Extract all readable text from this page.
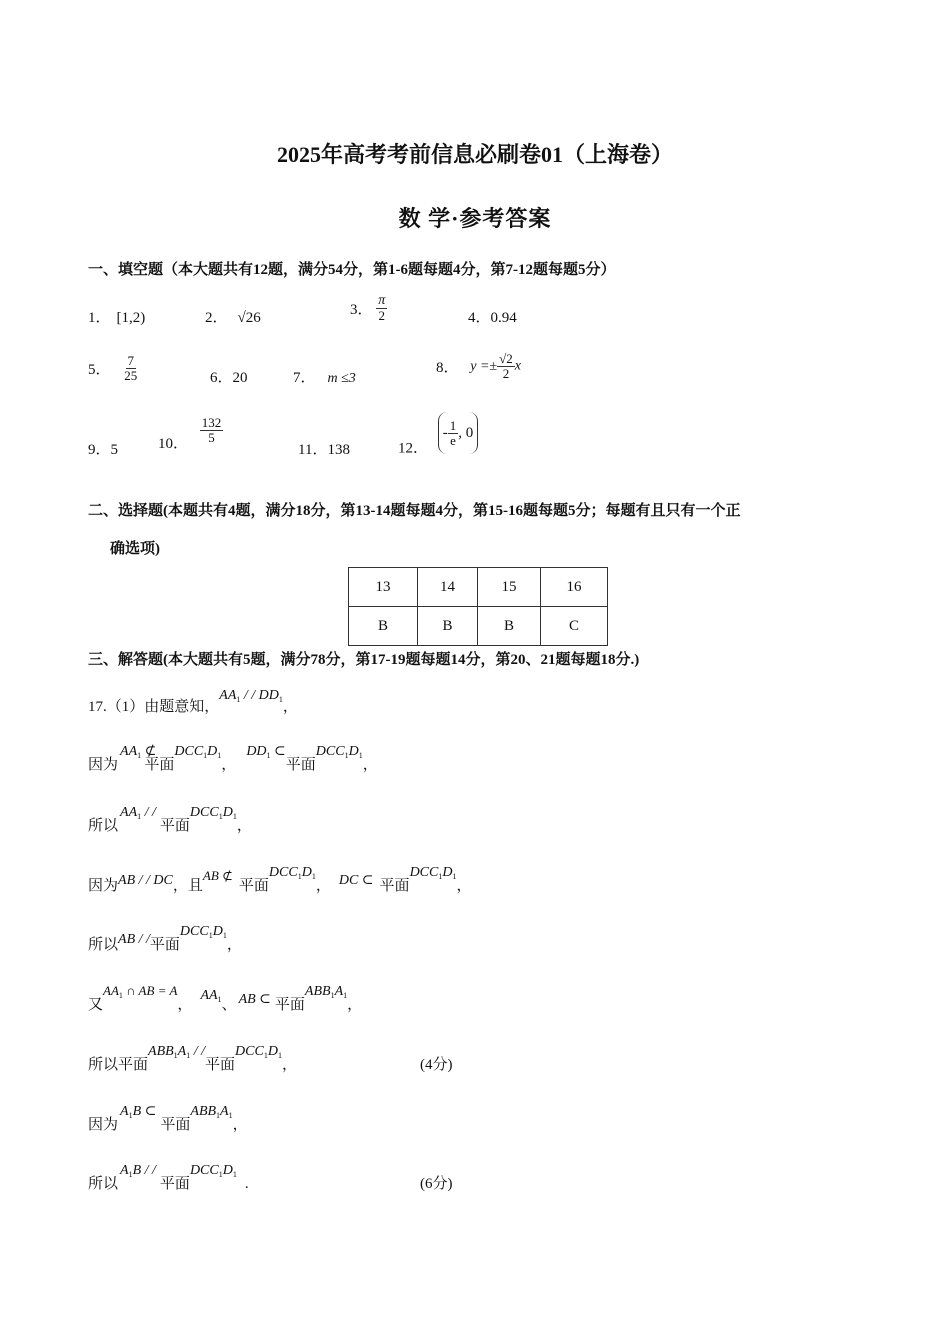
2025年高考考前信息必刷卷01（上海卷）
数 学·参考答案
一、填空题（本大题共有12题，满分54分，第1-6题每题4分，第7-12题每题5分）
1． [1,2)	2． √26	3． $\frac{\pi}{2}$	4．0.94
5． $\frac{7}{25}$	6．20	7． m ≤3
8． $y =\pm \frac{√2}{2}$ x
9．5	10． $\frac{132}{5}$
11．138	12．
- $\frac{1}{e}$ , 0
二、选择题(本题共有4题，满分18分，第13-14题每题4分，第15-16题每题5分；每题有且只有一个正
确选项)
13	14	15	16
B	B	B	C
三、解答题(本大题共有5题，满分78分，第17-19题每题14分，第20、21题每题18分.)
17.（1）由题意知，$AA_1$ / / $DD_1$，
因为$AA_1$ ⊄平面$DCC_1D_1$，$DD_1$ ⊂平面$DCC_1D_1$，
所以$AA_1$ / /平面$DCC_1D_1$，
因为AB / / DC，且AB ⊄平面$DCC_1D_1$， DC ⊂ 平面$DCC_1D_1$，
所以AB / /平面$DCC_1D_1$，
又$AA_1$ ∩ AB = A，$AA_1$、 AB ⊂ 平面$ABB_1A_1$，
所以平面$ABB_1A_1$ / /平面$DCC_1D_1$，	(4分)
因为$A_1B$ ⊂平面$ABB_1A_1$，
所以$A_1B$ / /平面$DCC_1D_1$.	(6分)
